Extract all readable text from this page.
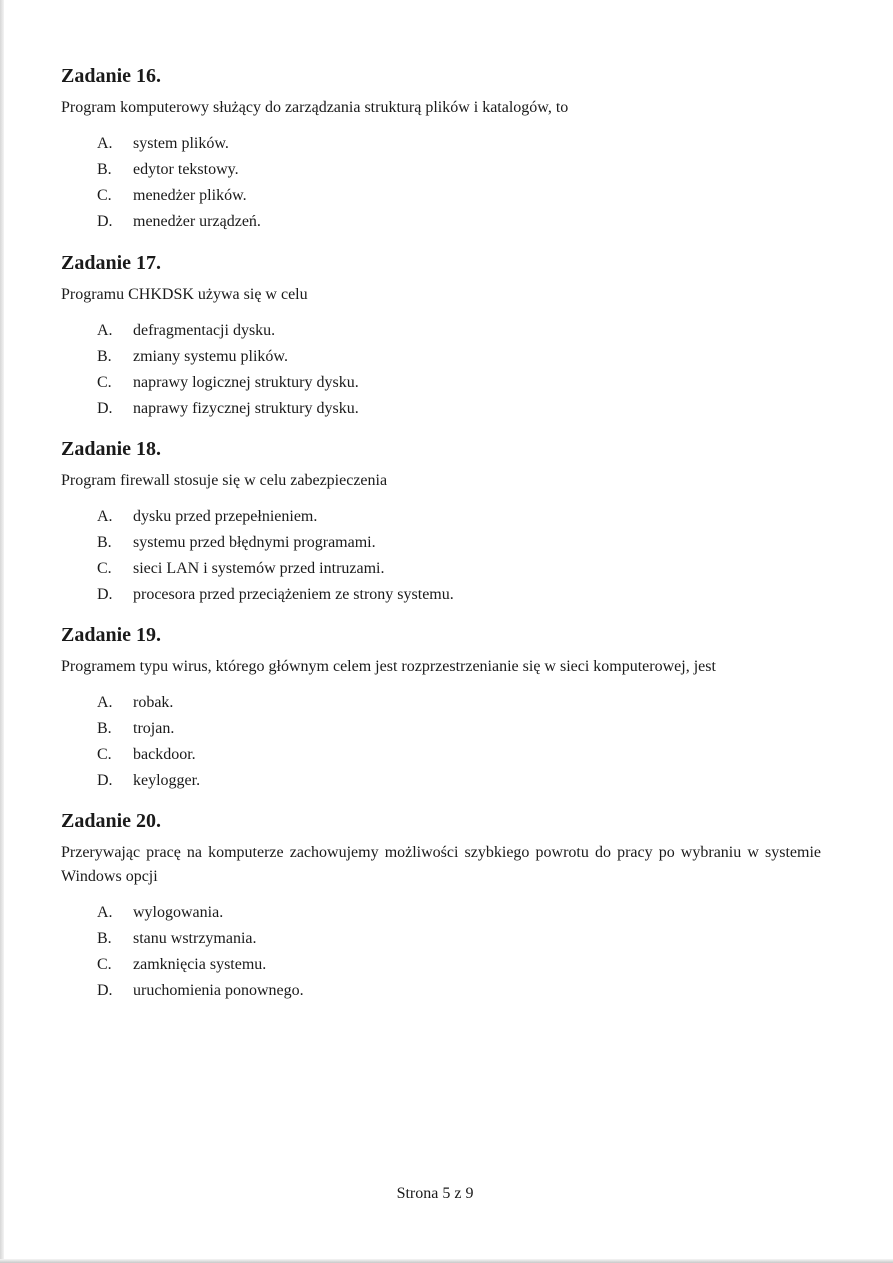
Zadanie 16.

Program komputerowy służący do zarządzania strukturą plików i katalogów, to

A. system plików.
B. edytor tekstowy.
C. menedżer plików.
D. menedżer urządzeń.
Zadanie 17.

Programu CHKDSK używa się w celu

A. defragmentacji dysku.
B. zmiany systemu plików.
C. naprawy logicznej struktury dysku.
D. naprawy fizycznej struktury dysku.
Zadanie 18.

Program firewall stosuje się w celu zabezpieczenia

A. dysku przed przepełnieniem.
B. systemu przed błędnymi programami.
C. sieci LAN i systemów przed intruzami.
D. procesora przed przeciążeniem ze strony systemu.
Zadanie 19.

Programem typu wirus, którego głównym celem jest rozprzestrzenianie się w sieci komputerowej, jest

A. robak.
B. trojan.
C. backdoor.
D. keylogger.
Zadanie 20.

Przerywając pracę na komputerze zachowujemy możliwości szybkiego powrotu do pracy po wybraniu w systemie Windows opcji

A. wylogowania.
B. stanu wstrzymania.
C. zamknięcia systemu.
D. uruchomienia ponownego.
Strona 5 z 9
